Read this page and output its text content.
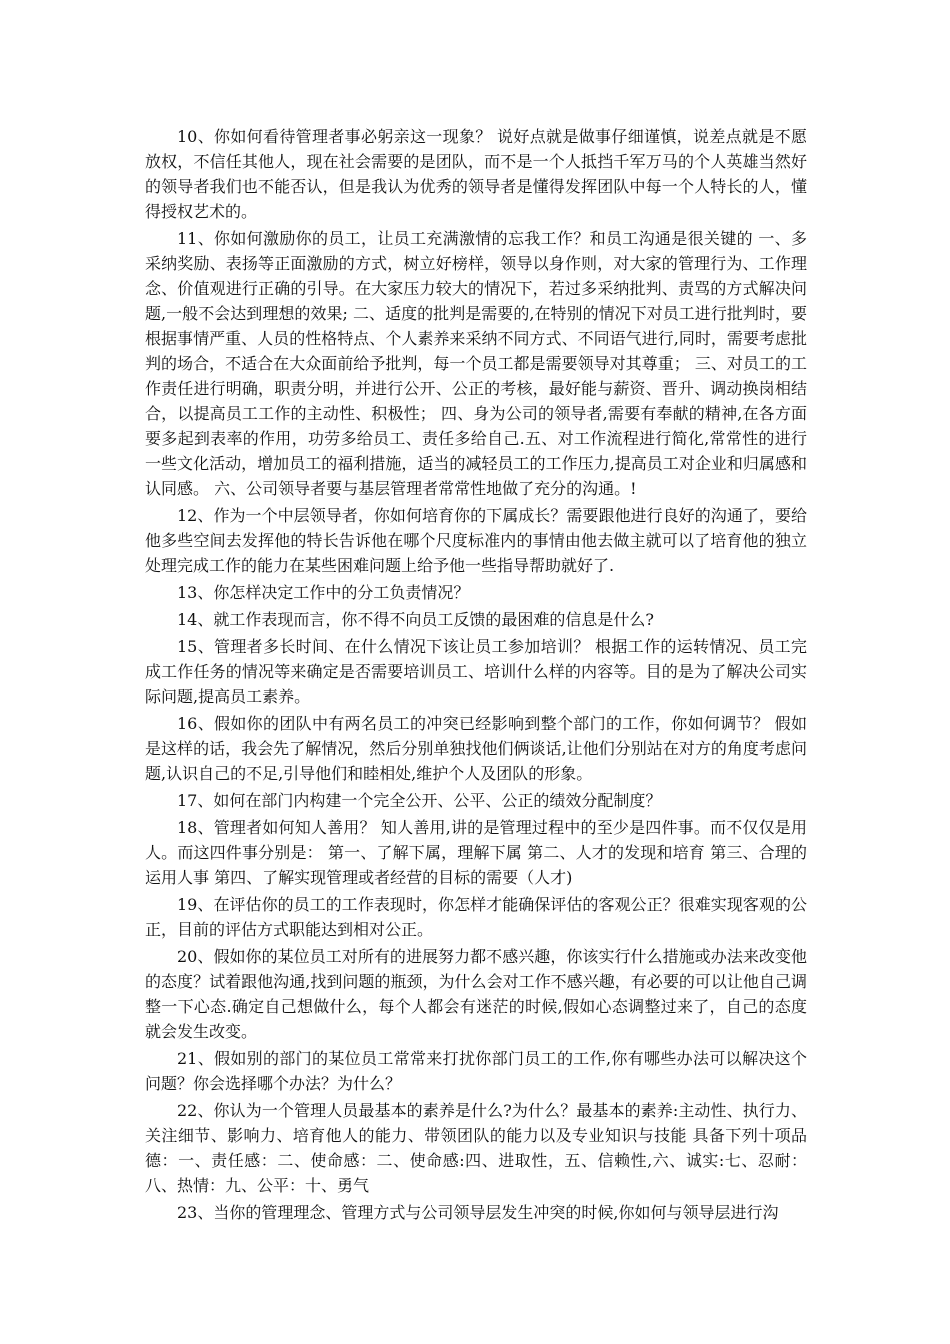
10、你如何看待管理者事必躬亲这一现象？ 说好点就是做事仔细谨慎，说差点就是不愿放权，不信任其他人，现在社会需要的是团队，而不是一个人抵挡千军万马的个人英雄当然好的领导者我们也不能否认，但是我认为优秀的领导者是懂得发挥团队中每一个人特长的人，懂得授权艺术的。

11、你如何激励你的员工，让员工充满激情的忘我工作？和员工沟通是很关键的 一、多采纳奖励、表扬等正面激励的方式，树立好榜样，领导以身作则，对大家的管理行为、工作理念、价值观进行正确的引导。在大家压力较大的情况下，若过多采纳批判、责骂的方式解决问题,一般不会达到理想的效果; 二、适度的批判是需要的,在特别的情况下对员工进行批判时，要根据事情严重、人员的性格特点、个人素养来采纳不同方式、不同语气进行,同时，需要考虑批判的场合，不适合在大众面前给予批判，每一个员工都是需要领导对其尊重； 三、对员工的工作责任进行明确，职责分明，并进行公开、公正的考核，最好能与薪资、晋升、调动换岗相结合，以提高员工工作的主动性、积极性； 四、身为公司的领导者,需要有奉献的精神,在各方面要多起到表率的作用，功劳多给员工、责任多给自己.五、对工作流程进行简化,常常性的进行一些文化活动，增加员工的福利措施，适当的减轻员工的工作压力,提高员工对企业和归属感和认同感。 六、公司领导者要与基层管理者常常性地做了充分的沟通。!

12、作为一个中层领导者，你如何培育你的下属成长？需要跟他进行良好的沟通了，要给他多些空间去发挥他的特长告诉他在哪个尺度标准内的事情由他去做主就可以了培育他的独立处理完成工作的能力在某些困难问题上给予他一些指导帮助就好了.

13、你怎样决定工作中的分工负责情况？

14、就工作表现而言，你不得不向员工反馈的最困难的信息是什么?

15、管理者多长时间、在什么情况下该让员工参加培训？ 根据工作的运转情况、员工完成工作任务的情况等来确定是否需要培训员工、培训什么样的内容等。目的是为了解决公司实际问题,提高员工素养。

16、假如你的团队中有两名员工的冲突已经影响到整个部门的工作，你如何调节？ 假如是这样的话，我会先了解情况，然后分别单独找他们俩谈话,让他们分别站在对方的角度考虑问题,认识自己的不足,引导他们和睦相处,维护个人及团队的形象。

17、如何在部门内构建一个完全公开、公平、公正的绩效分配制度？

18、管理者如何知人善用？ 知人善用,讲的是管理过程中的至少是四件事。而不仅仅是用人。而这四件事分别是： 第一、了解下属，理解下属 第二、人才的发现和培育 第三、合理的运用人事 第四、了解实现管理或者经营的目标的需要（人才)

19、在评估你的员工的工作表现时，你怎样才能确保评估的客观公正？很难实现客观的公正，目前的评估方式职能达到相对公正。

20、假如你的某位员工对所有的进展努力都不感兴趣，你该实行什么措施或办法来改变他的态度？试着跟他沟通,找到问题的瓶颈，为什么会对工作不感兴趣，有必要的可以让他自己调整一下心态.确定自己想做什么，每个人都会有迷茫的时候,假如心态调整过来了，自己的态度就会发生改变。

21、假如别的部门的某位员工常常来打扰你部门员工的工作,你有哪些办法可以解决这个问题？你会选择哪个办法？为什么？

22、你认为一个管理人员最基本的素养是什么?为什么？最基本的素养:主动性、执行力、关注细节、影响力、培育他人的能力、带领团队的能力以及专业知识与技能 具备下列十项品德：一、责任感：二、使命感：二、使命感:四、进取性，五、信赖性,六、诚实:七、忍耐：八、热情：九、公平：十、勇气

23、当你的管理理念、管理方式与公司领导层发生冲突的时候,你如何与领导层进行沟
